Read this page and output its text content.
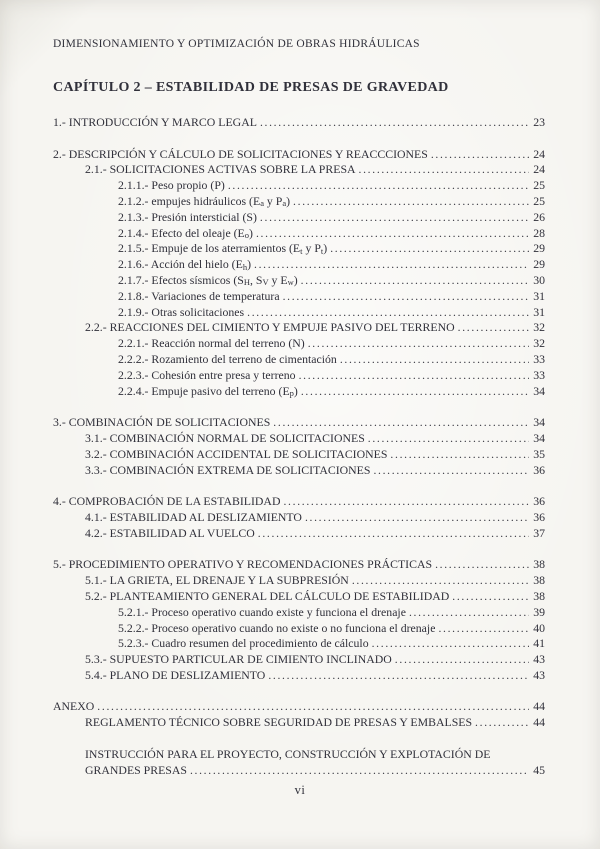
DIMENSIONAMIENTO Y OPTIMIZACIÓN DE OBRAS HIDRÁULICAS
CAPÍTULO 2 – ESTABILIDAD DE PRESAS DE GRAVEDAD
1.- INTRODUCCIÓN Y MARCO LEGAL .....	23
2.- DESCRIPCIÓN Y CÁLCULO DE SOLICITACIONES Y REACCCIONES .....	24
2.1.- SOLICITACIONES ACTIVAS SOBRE LA PRESA .....	24
2.1.1.- Peso propio (P) .....	25
2.1.2.- empujes hidráulicos ($E_a$ y $P_a$) .....	25
2.1.3.- Presión intersticial (S) .....	26
2.1.4.- Efecto del oleaje $(E_o)$ .....	28
2.1.5.- Empuje de los aterramientos ($E_t$ y $P_t$) .....	29
2.1.6.- Acción del hielo $(E_h)$ .....	29
2.1.7.- Efectos sísmicos ($S_H$, $S_V$ y $E_w$) .....	30
2.1.8.- Variaciones de temperatura .....	31
2.1.9.- Otras solicitaciones .....	31
2.2.- REACCIONES DEL CIMIENTO Y EMPUJE PASIVO DEL TERRENO .....	32
2.2.1.- Reacción normal del terreno (N) .....	32
2.2.2.- Rozamiento del terreno de cimentación .....	33
2.2.3.- Cohesión entre presa y terreno .....	33
2.2.4.- Empuje pasivo del terreno $(E_p)$ .....	34
3.- COMBINACIÓN DE SOLICITACIONES .....	34
3.1.- COMBINACIÓN NORMAL DE SOLICITACIONES .....	34
3.2.- COMBINACIÓN ACCIDENTAL DE SOLICITACIONES .....	35
3.3.- COMBINACIÓN EXTREMA DE SOLICITACIONES .....	36
4.- COMPROBACIÓN DE LA ESTABILIDAD .....	36
4.1.- ESTABILIDAD AL DESLIZAMIENTO .....	36
4.2.- ESTABILIDAD AL VUELCO .....	37
5.- PROCEDIMIENTO OPERATIVO Y RECOMENDACIONES PRÁCTICAS .....	38
5.1.- LA GRIETA, EL DRENAJE Y LA SUBPRESIÓN .....	38
5.2.- PLANTEAMIENTO GENERAL DEL CÁLCULO DE ESTABILIDAD .....	38
5.2.1.- Proceso operativo cuando existe y funciona el drenaje .....	39
5.2.2.- Proceso operativo cuando no existe o no funciona el drenaje .....	40
5.2.3.- Cuadro resumen del procedimiento de cálculo .....	41
5.3.- SUPUESTO PARTICULAR DE CIMIENTO INCLINADO .....	43
5.4.- PLANO DE DESLIZAMIENTO .....	43
ANEXO .....	44
REGLAMENTO TÉCNICO SOBRE SEGURIDAD DE PRESAS Y EMBALSES .....	44
INSTRUCCIÓN PARA EL PROYECTO, CONSTRUCCIÓN Y EXPLOTACIÓN DE
GRANDES PRESAS .....	45
vi
